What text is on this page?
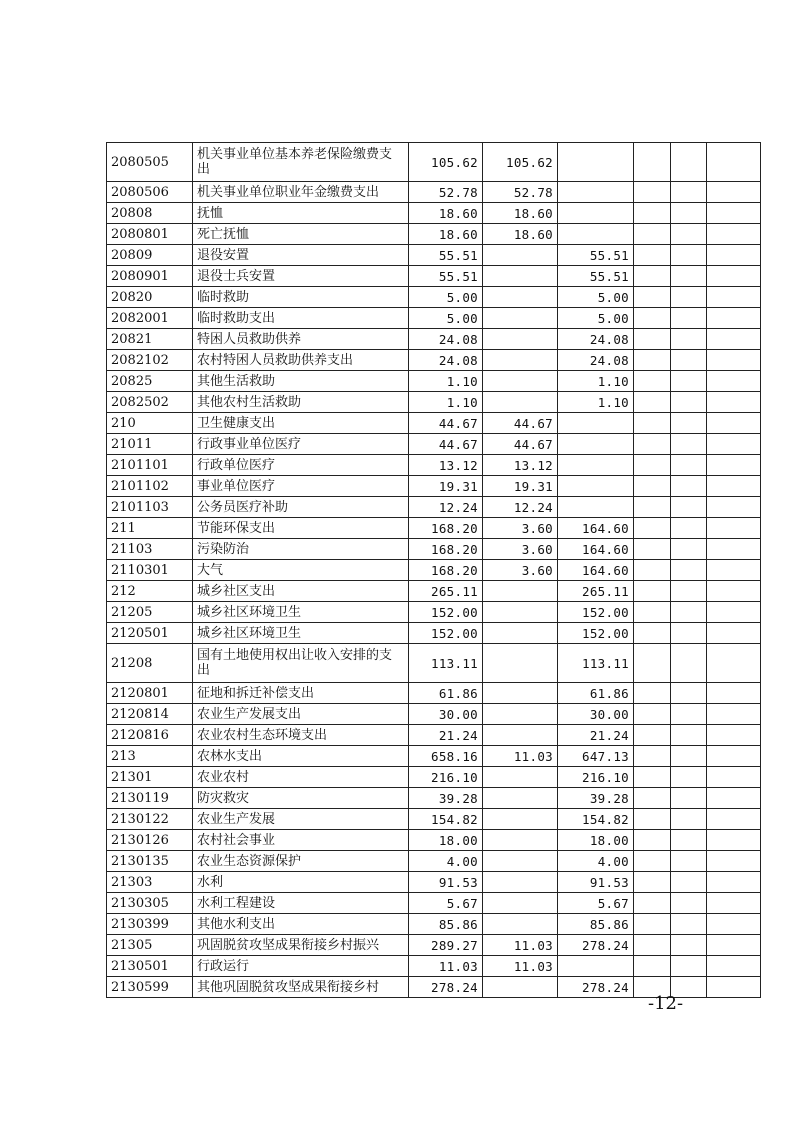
2080505	机关事业单位基本养老保险缴费支出	105.62	105.62				
2080506	机关事业单位职业年金缴费支出	52.78	52.78				
20808	抚恤	18.60	18.60				
2080801	死亡抚恤	18.60	18.60				
20809	退役安置	55.51		55.51			
2080901	退役士兵安置	55.51		55.51			
20820	临时救助	5.00		5.00			
2082001	临时救助支出	5.00		5.00			
20821	特困人员救助供养	24.08		24.08			
2082102	农村特困人员救助供养支出	24.08		24.08			
20825	其他生活救助	1.10		1.10			
2082502	其他农村生活救助	1.10		1.10			
210	卫生健康支出	44.67	44.67				
21011	行政事业单位医疗	44.67	44.67				
2101101	行政单位医疗	13.12	13.12				
2101102	事业单位医疗	19.31	19.31				
2101103	公务员医疗补助	12.24	12.24				
211	节能环保支出	168.20	3.60	164.60			
21103	污染防治	168.20	3.60	164.60			
2110301	大气	168.20	3.60	164.60			
212	城乡社区支出	265.11		265.11			
21205	城乡社区环境卫生	152.00		152.00			
2120501	城乡社区环境卫生	152.00		152.00			
21208	国有土地使用权出让收入安排的支出	113.11		113.11			
2120801	征地和拆迁补偿支出	61.86		61.86			
2120814	农业生产发展支出	30.00		30.00			
2120816	农业农村生态环境支出	21.24		21.24			
213	农林水支出	658.16	11.03	647.13			
21301	农业农村	216.10		216.10			
2130119	防灾救灾	39.28		39.28			
2130122	农业生产发展	154.82		154.82			
2130126	农村社会事业	18.00		18.00			
2130135	农业生态资源保护	4.00		4.00			
21303	水利	91.53		91.53			
2130305	水利工程建设	5.67		5.67			
2130399	其他水利支出	85.86		85.86			
21305	巩固脱贫攻坚成果衔接乡村振兴	289.27	11.03	278.24			
2130501	行政运行	11.03	11.03				
2130599	其他巩固脱贫攻坚成果衔接乡村	278.24		278.24			
-12-
